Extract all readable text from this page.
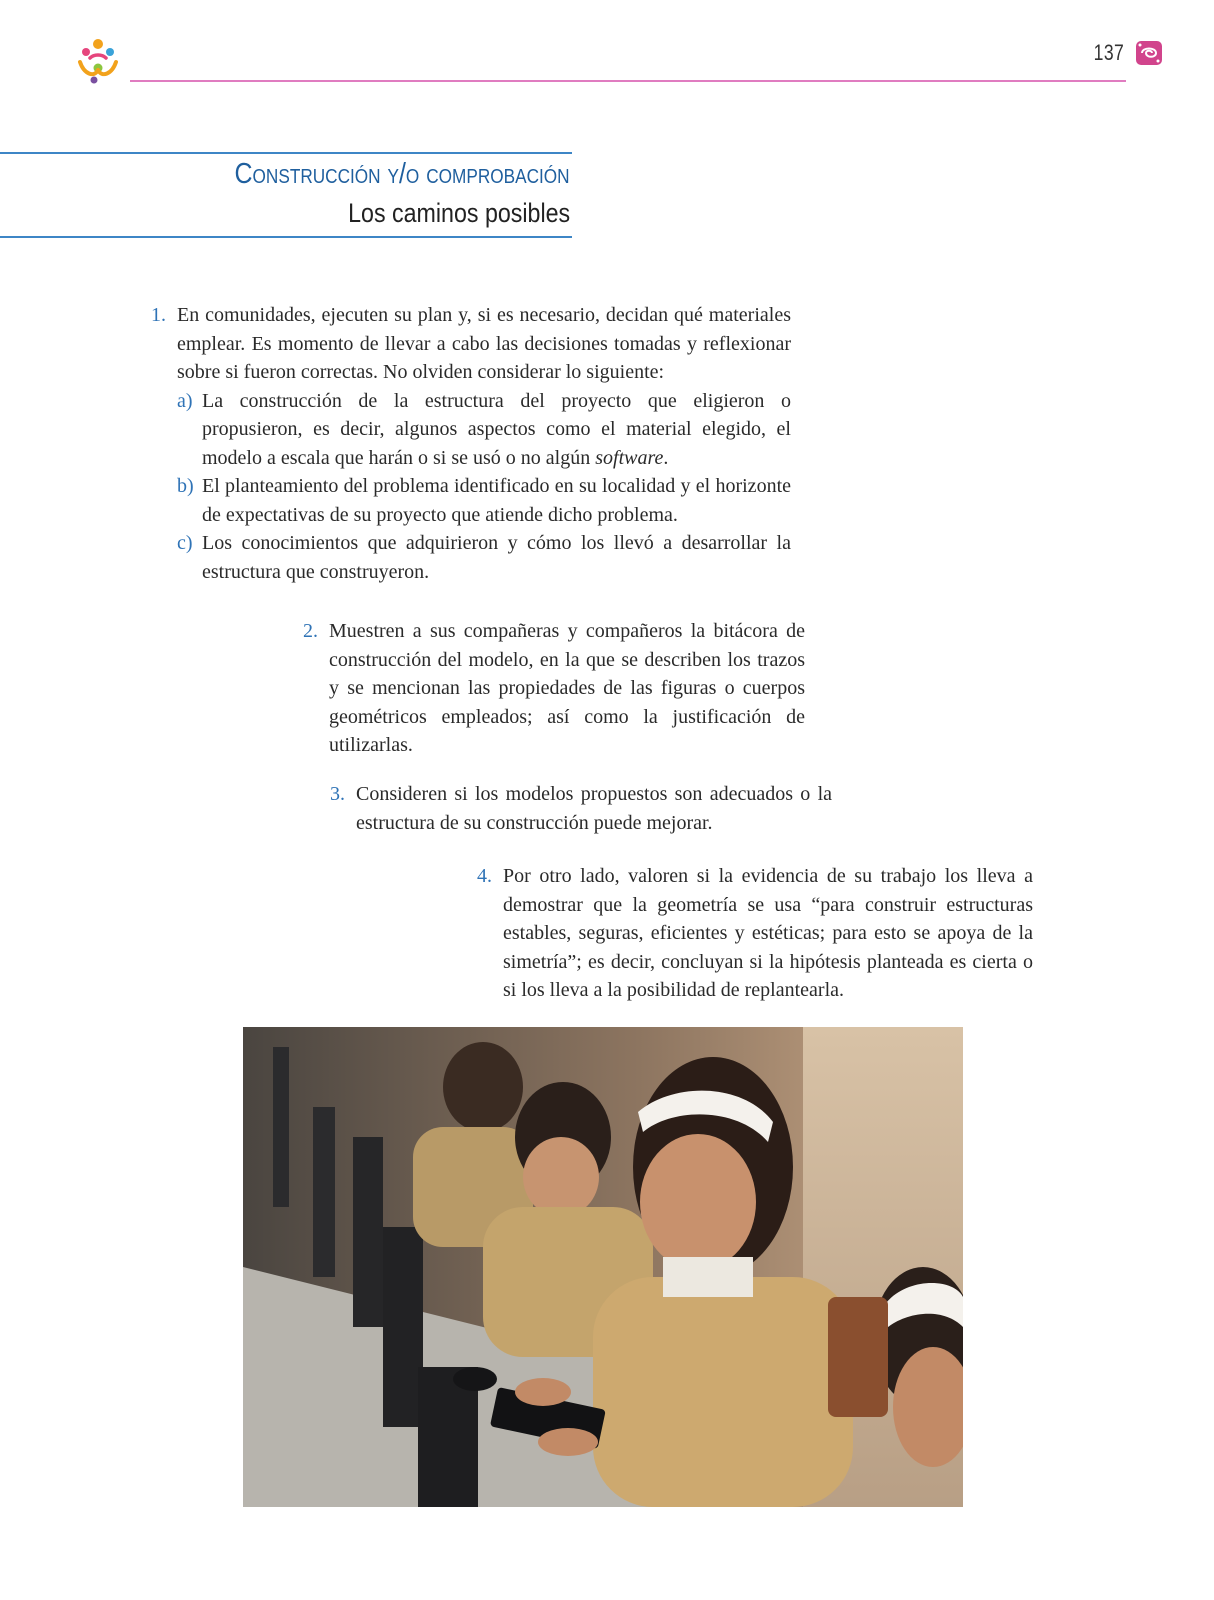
137
Construcción y/o comprobación
Los caminos posibles
1. En comunidades, ejecuten su plan y, si es necesario, decidan qué materiales emplear. Es momento de llevar a cabo las decisiones tomadas y reflexionar sobre si fueron correctas. No olviden considerar lo siguiente:
a) La construcción de la estructura del proyecto que eligieron o propusieron, es decir, algunos aspectos como el material elegido, el modelo a escala que harán o si se usó o no algún software.
b) El planteamiento del problema identificado en su localidad y el horizonte de expectativas de su proyecto que atiende dicho problema.
c) Los conocimientos que adquirieron y cómo los llevó a desarrollar la estructura que construyeron.
2. Muestren a sus compañeras y compañeros la bitácora de construcción del modelo, en la que se describen los trazos y se mencionan las propiedades de las figuras o cuerpos geométricos empleados; así como la justificación de utilizarlas.
3. Consideren si los modelos propuestos son adecuados o la estructura de su construcción puede mejorar.
4. Por otro lado, valoren si la evidencia de su trabajo los lleva a demostrar que la geometría se usa “para construir estructuras estables, seguras, eficientes y estéticas; para esto se apoya de la simetría”; es decir, concluyan si la hipótesis planteada es cierta o si los lleva a la posibilidad de replantearla.
